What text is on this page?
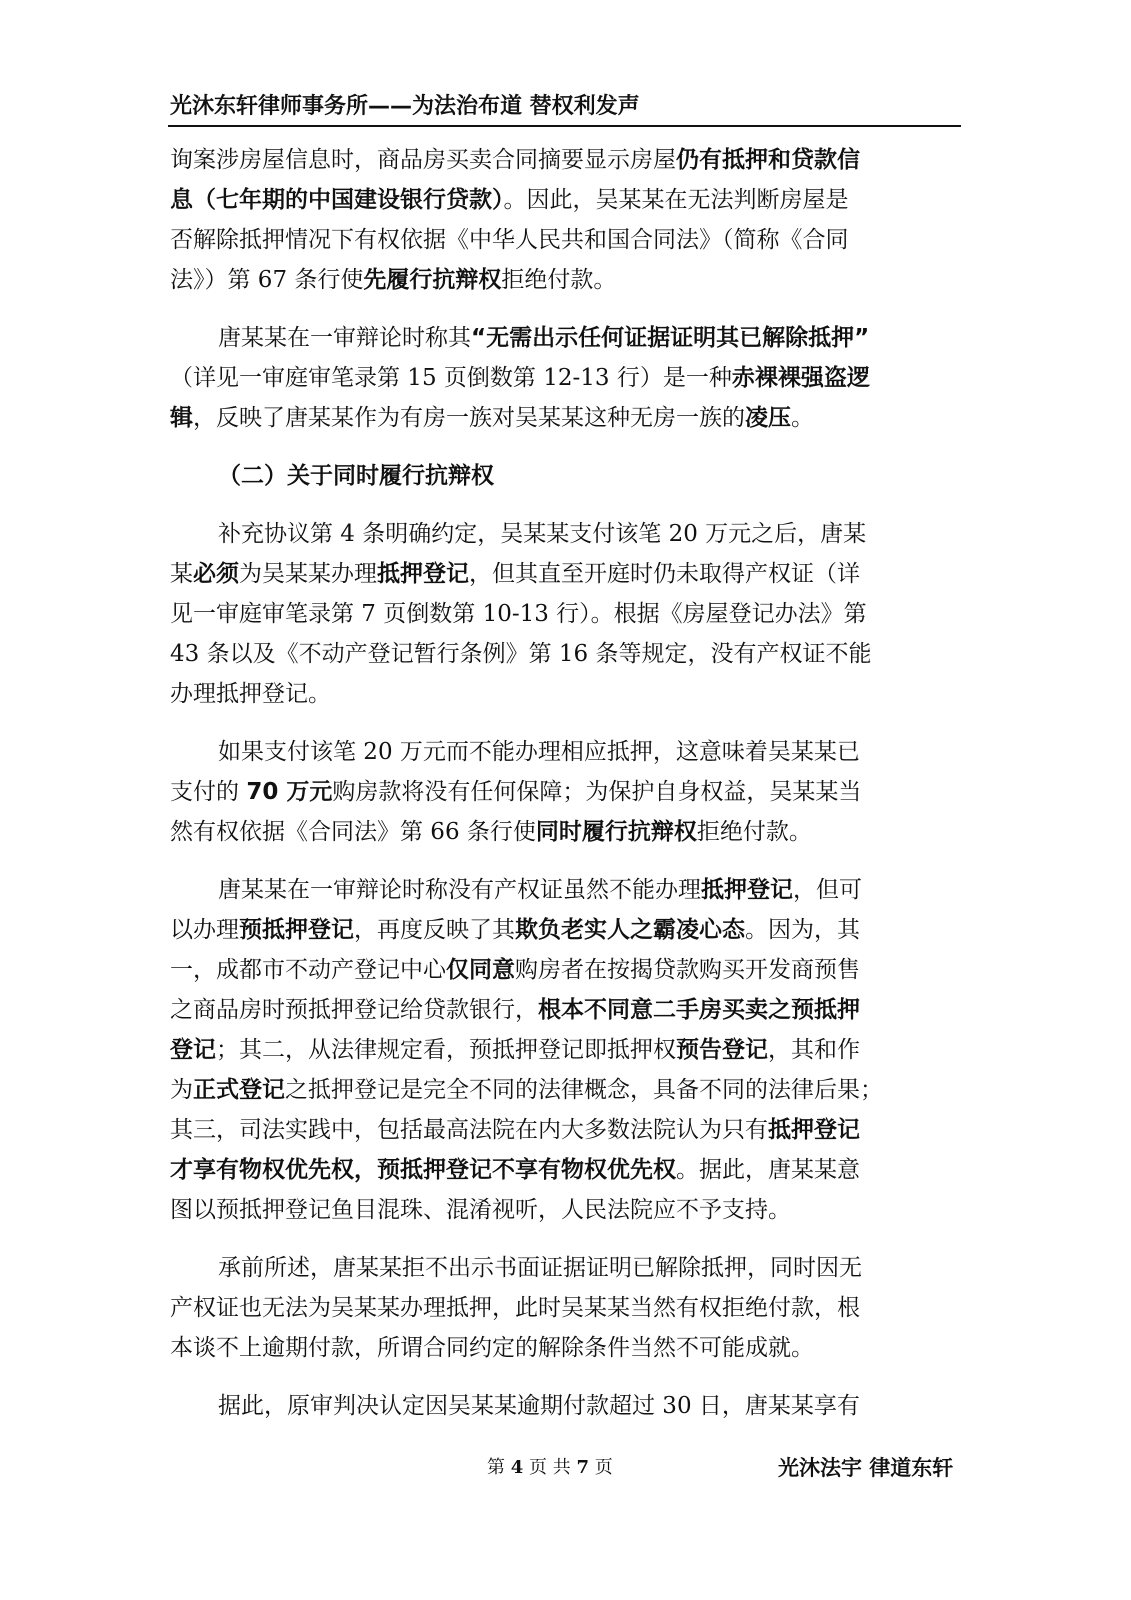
光沐东轩律师事务所——为法治布道 替权利发声

询案涉房屋信息时，商品房买卖合同摘要显示房屋仍有抵押和贷款信
息（七年期的中国建设银行贷款）。因此，吴某某在无法判断房屋是
否解除抵押情况下有权依据《中华人民共和国合同法》（简称《合同
法》）第 67 条行使先履行抗辩权拒绝付款。

唐某某在一审辩论时称其“无需出示任何证据证明其已解除抵押”
（详见一审庭审笔录第 15 页倒数第 12-13 行）是一种赤裸裸强盗逻
辑，反映了唐某某作为有房一族对吴某某这种无房一族的凌压。

（二）关于同时履行抗辩权

补充协议第 4 条明确约定，吴某某支付该笔 20 万元之后，唐某
某必须为吴某某办理抵押登记，但其直至开庭时仍未取得产权证（详
见一审庭审笔录第 7 页倒数第 10-13 行）。根据《房屋登记办法》第
43 条以及《不动产登记暂行条例》第 16 条等规定，没有产权证不能
办理抵押登记。

如果支付该笔 20 万元而不能办理相应抵押，这意味着吴某某已
支付的 70 万元购房款将没有任何保障；为保护自身权益，吴某某当
然有权依据《合同法》第 66 条行使同时履行抗辩权拒绝付款。

唐某某在一审辩论时称没有产权证虽然不能办理抵押登记，但可
以办理预抵押登记，再度反映了其欺负老实人之霸凌心态。因为，其
一，成都市不动产登记中心仅同意购房者在按揭贷款购买开发商预售
之商品房时预抵押登记给贷款银行，根本不同意二手房买卖之预抵押
登记；其二，从法律规定看，预抵押登记即抵押权预告登记，其和作
为正式登记之抵押登记是完全不同的法律概念，具备不同的法律后果；
其三，司法实践中，包括最高法院在内大多数法院认为只有抵押登记
才享有物权优先权，预抵押登记不享有物权优先权。据此，唐某某意
图以预抵押登记鱼目混珠、混淆视听，人民法院应不予支持。

承前所述，唐某某拒不出示书面证据证明已解除抵押，同时因无
产权证也无法为吴某某办理抵押，此时吴某某当然有权拒绝付款，根
本谈不上逾期付款，所谓合同约定的解除条件当然不可能成就。

据此，原审判决认定因吴某某逾期付款超过 30 日，唐某某享有

第 4 页 共 7 页	光沐法宇 律道东轩
